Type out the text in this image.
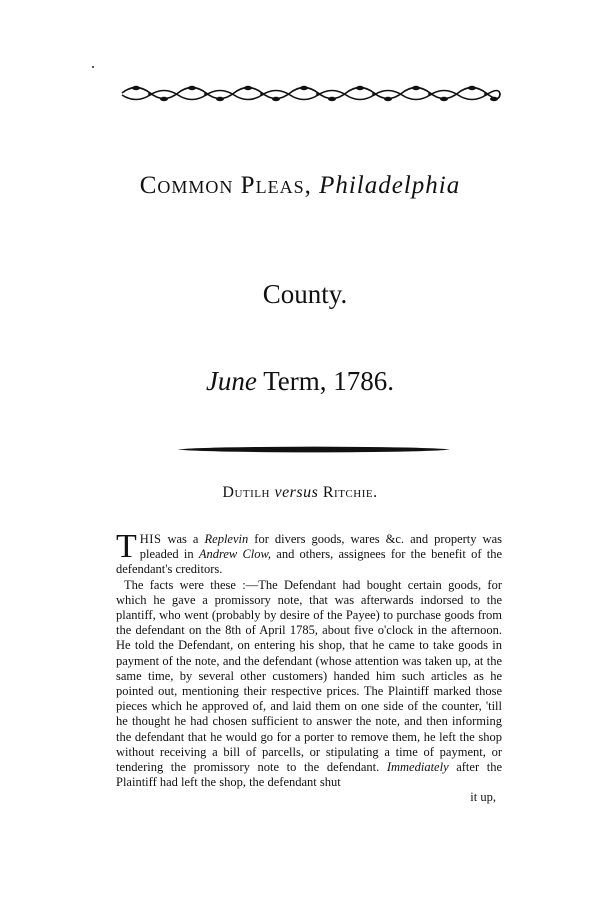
Common Pleas, Philadelphia
County.
June Term, 1786.
Dutilh versus Ritchie.

THIS was a Replevin for divers goods, wares &c. and property was pleaded in Andrew Clow, and others, assignees for the benefit of the defendant's creditors.

The facts were these :—The Defendant had bought certain goods, for which he gave a promissory note, that was afterwards indorsed to the plantiff, who went (probably by desire of the Payee) to purchase goods from the defendant on the 8th of April 1785, about five o'clock in the afternoon. He told the Defendant, on entering his shop, that he came to take goods in payment of the note, and the defendant (whose attention was taken up, at the same time, by several other customers) handed him such articles as he pointed out, mentioning their respective prices. The Plaintiff marked those pieces which he approved of, and laid them on one side of the counter, 'till he thought he had chosen sufficient to answer the note, and then informing the defendant that he would go for a porter to remove them, he left the shop without receiving a bill of parcells, or stipulating a time of payment, or tendering the promissory note to the defendant. Immediately after the Plaintiff had left the shop, the defendant shut

it up,
